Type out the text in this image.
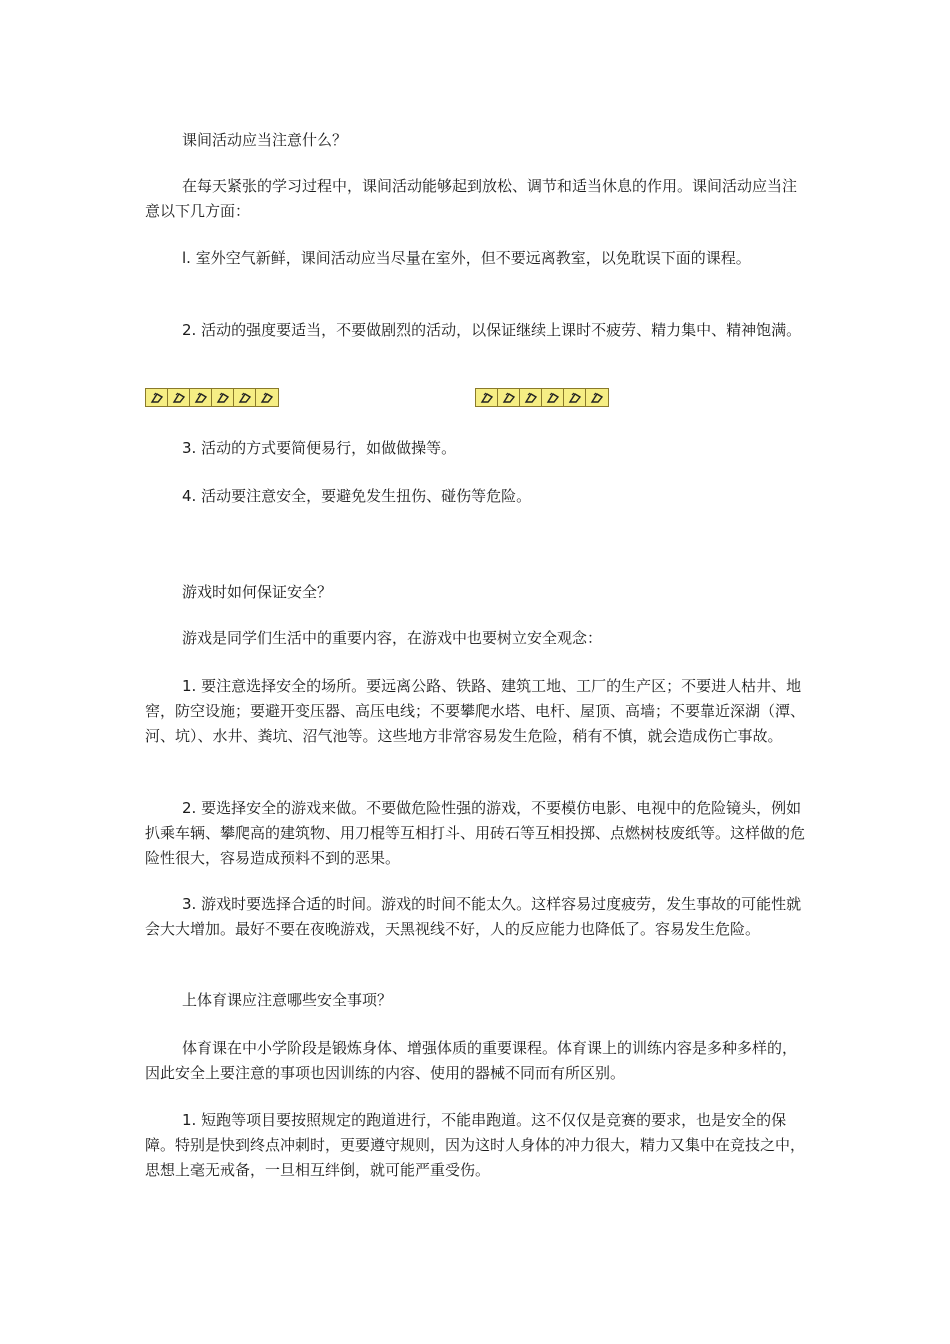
课间活动应当注意什么？

在每天紧张的学习过程中，课间活动能够起到放松、调节和适当休息的作用。课间活动应当注意以下几方面：

l. 室外空气新鲜，课间活动应当尽量在室外，但不要远离教室，以免耽误下面的课程。

2. 活动的强度要适当，不要做剧烈的活动，以保证继续上课时不疲劳、精力集中、精神饱满。

3. 活动的方式要简便易行，如做做操等。

4. 活动要注意安全，要避免发生扭伤、碰伤等危险。

游戏时如何保证安全？

游戏是同学们生活中的重要内容，在游戏中也要树立安全观念：

1. 要注意选择安全的场所。要远离公路、铁路、建筑工地、工厂的生产区；不要进人枯井、地窖，防空设施；要避开变压器、高压电线；不要攀爬水塔、电杆、屋顶、高墙；不要靠近深湖（潭、河、坑）、水井、粪坑、沼气池等。这些地方非常容易发生危险，稍有不慎，就会造成伤亡事故。

2. 要选择安全的游戏来做。不要做危险性强的游戏，不要模仿电影、电视中的危险镜头，例如扒乘车辆、攀爬高的建筑物、用刀棍等互相打斗、用砖石等互相投掷、点燃树枝废纸等。这样做的危险性很大，容易造成预料不到的恶果。

3. 游戏时要选择合适的时间。游戏的时间不能太久。这样容易过度疲劳，发生事故的可能性就会大大增加。最好不要在夜晚游戏，天黑视线不好，人的反应能力也降低了。容易发生危险。

上体育课应注意哪些安全事项？

体育课在中小学阶段是锻炼身体、增强体质的重要课程。体育课上的训练内容是多种多样的，因此安全上要注意的事项也因训练的内容、使用的器械不同而有所区别。

1. 短跑等项目要按照规定的跑道进行，不能串跑道。这不仅仅是竞赛的要求，也是安全的保障。特别是快到终点冲刺时，更要遵守规则，因为这时人身体的冲力很大，精力又集中在竞技之中，思想上毫无戒备，一旦相互绊倒，就可能严重受伤。
